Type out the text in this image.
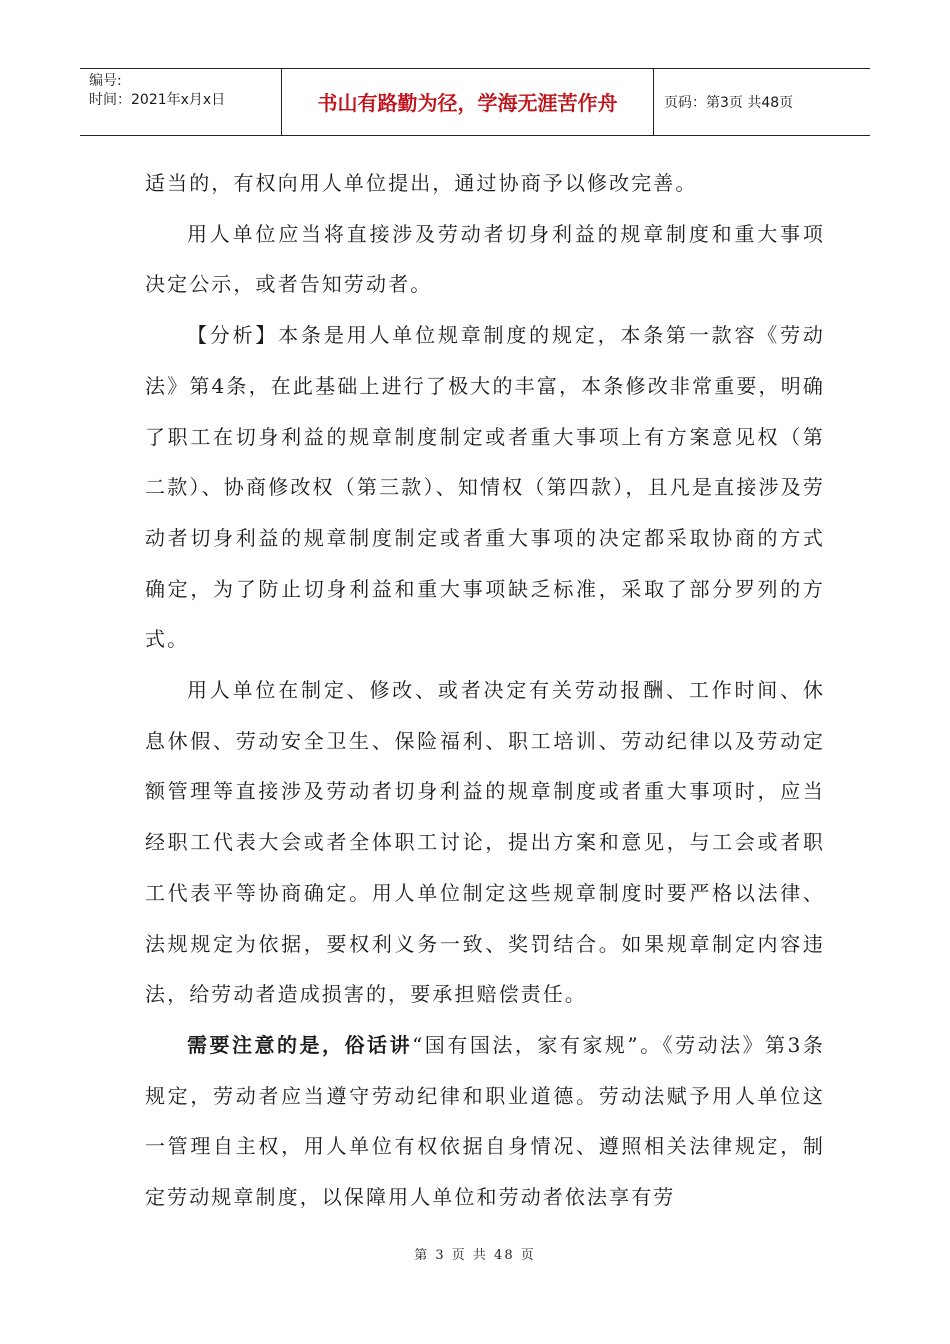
编号:
时间：2021年x月x日	书山有路勤为径，学海无涯苦作舟	页码：第3页 共48页

适当的，有权向用人单位提出，通过协商予以修改完善。

用人单位应当将直接涉及劳动者切身利益的规章制度和重大事项决定公示，或者告知劳动者。

【分析】本条是用人单位规章制度的规定，本条第一款容《劳动法》第4条，在此基础上进行了极大的丰富，本条修改非常重要，明确了职工在切身利益的规章制度制定或者重大事项上有方案意见权（第二款）、协商修改权（第三款）、知情权（第四款），且凡是直接涉及劳动者切身利益的规章制度制定或者重大事项的决定都采取协商的方式确定，为了防止切身利益和重大事项缺乏标准，采取了部分罗列的方式。

用人单位在制定、修改、或者决定有关劳动报酬、工作时间、休息休假、劳动安全卫生、保险福利、职工培训、劳动纪律以及劳动定额管理等直接涉及劳动者切身利益的规章制度或者重大事项时，应当经职工代表大会或者全体职工讨论，提出方案和意见，与工会或者职工代表平等协商确定。用人单位制定这些规章制度时要严格以法律、法规规定为依据，要权利义务一致、奖罚结合。如果规章制定内容违法，给劳动者造成损害的，要承担赔偿责任。

需要注意的是，俗话讲“国有国法，家有家规”。《劳动法》第3条规定，劳动者应当遵守劳动纪律和职业道德。劳动法赋予用人单位这一管理自主权，用人单位有权依据自身情况、遵照相关法律规定，制定劳动规章制度，以保障用人单位和劳动者依法享有劳

第 3 页 共 48 页
